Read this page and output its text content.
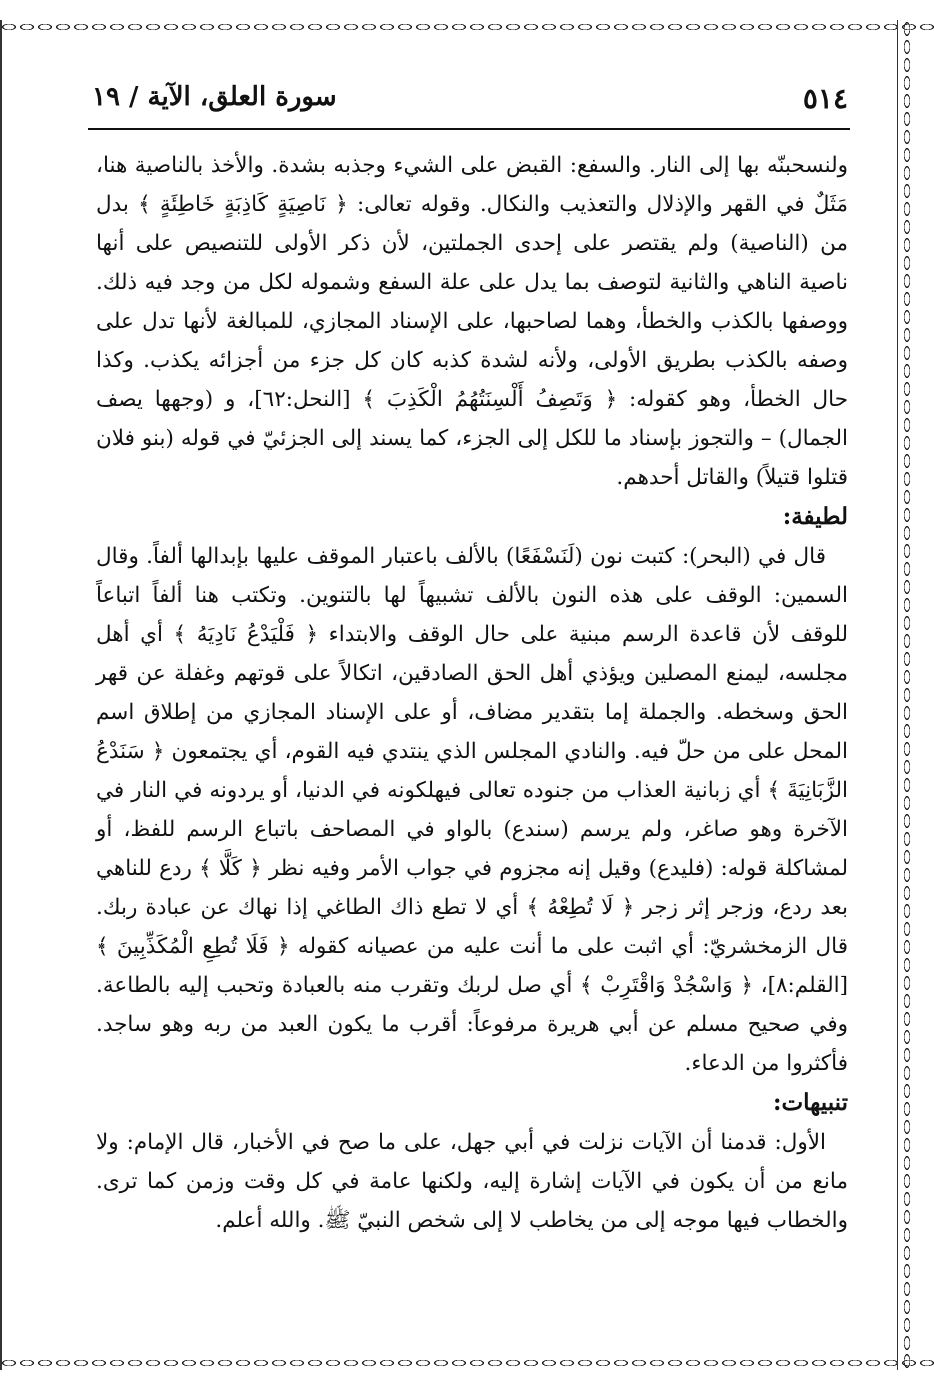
٥١٤
سورة العلق، الآية / ١٩

ولنسحبنّه بها إلى النار. والسفع: القبض على الشيء وجذبه بشدة. والأخذ بالناصية هنا، مَثَلٌ في القهر والإذلال والتعذيب والنكال. وقوله تعالى: ﴿ نَاصِيَةٍ كَاذِبَةٍ خَاطِئَةٍ ﴾ بدل من (الناصية) ولم يقتصر على إحدى الجملتين، لأن ذكر الأولى للتنصيص على أنها ناصية الناهي والثانية لتوصف بما يدل على علة السفع وشموله لكل من وجد فيه ذلك. ووصفها بالكذب والخطأ، وهما لصاحبها، على الإسناد المجازي، للمبالغة لأنها تدل على وصفه بالكذب بطريق الأولى، ولأنه لشدة كذبه كان كل جزء من أجزائه يكذب. وكذا حال الخطأ، وهو كقوله: ﴿ وَتَصِفُ أَلْسِنَتُهُمُ الْكَذِبَ ﴾ [النحل:٦٢]، و (وجهها يصف الجمال) – والتجوز بإسناد ما للكل إلى الجزء، كما يسند إلى الجزئيّ في قوله (بنو فلان قتلوا قتيلاً) والقاتل أحدهم.

لطيفة:

قال في (البحر): كتبت نون (لَنَسْفَعًا) بالألف باعتبار الموقف عليها بإبدالها ألفاً. وقال السمين: الوقف على هذه النون بالألف تشبيهاً لها بالتنوين. وتكتب هنا ألفاً اتباعاً للوقف لأن قاعدة الرسم مبنية على حال الوقف والابتداء ﴿ فَلْيَدْعُ نَادِيَهُ ﴾ أي أهل مجلسه، ليمنع المصلين ويؤذي أهل الحق الصادقين، اتكالاً على قوتهم وغفلة عن قهر الحق وسخطه. والجملة إما بتقدير مضاف، أو على الإسناد المجازي من إطلاق اسم المحل على من حلّ فيه. والنادي المجلس الذي ينتدي فيه القوم، أي يجتمعون ﴿ سَنَدْعُ الزَّبَانِيَةَ ﴾ أي زبانية العذاب من جنوده تعالى فيهلكونه في الدنيا، أو يردونه في النار في الآخرة وهو صاغر، ولم يرسم (سندع) بالواو في المصاحف باتباع الرسم للفظ، أو لمشاكلة قوله: (فليدع) وقيل إنه مجزوم في جواب الأمر وفيه نظر ﴿ كَلَّا ﴾ ردع للناهي بعد ردع، وزجر إثر زجر ﴿ لَا تُطِعْهُ ﴾ أي لا تطع ذاك الطاغي إذا نهاك عن عبادة ربك. قال الزمخشريّ: أي اثبت على ما أنت عليه من عصيانه كقوله ﴿ فَلَا تُطِعِ الْمُكَذِّبِينَ ﴾ [القلم:٨]، ﴿ وَاسْجُدْ وَاقْتَرِبْ ﴾ أي صل لربك وتقرب منه بالعبادة وتحبب إليه بالطاعة. وفي صحيح مسلم عن أبي هريرة مرفوعاً: أقرب ما يكون العبد من ربه وهو ساجد. فأكثروا من الدعاء.

تنبيهات:

الأول: قدمنا أن الآيات نزلت في أبي جهل، على ما صح في الأخبار، قال الإمام: ولا مانع من أن يكون في الآيات إشارة إليه، ولكنها عامة في كل وقت وزمن كما ترى. والخطاب فيها موجه إلى من يخاطب لا إلى شخص النبيّ ﷺ. والله أعلم.
